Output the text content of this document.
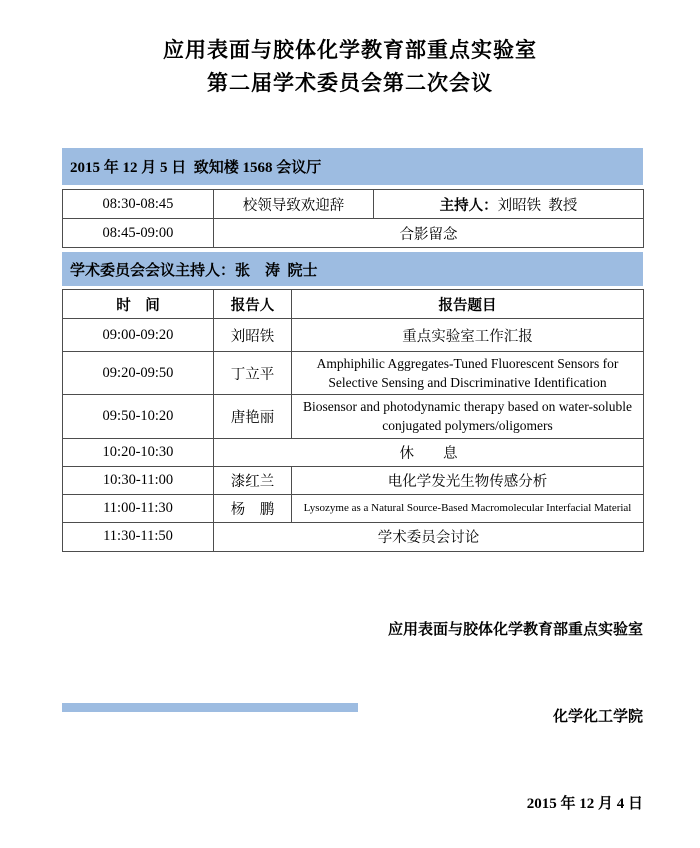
应用表面与胶体化学教育部重点实验室
第二届学术委员会第二次会议
2015 年 12 月 5 日  致知楼 1568 会议厅
08:30-08:45	校领导致欢迎辞	主持人：刘昭铁  教授
08:45-09:00	合影留念	
学术委员会会议主持人：张　涛  院士
时　间	报告人	报告题目
09:00-09:20	刘昭铁	重点实验室工作汇报
09:20-09:50	丁立平	Amphiphilic Aggregates-Tuned Fluorescent Sensors for Selective Sensing and Discriminative Identification
09:50-10:20	唐艳丽	Biosensor and photodynamic therapy based on water-soluble conjugated polymers/oligomers
10:20-10:30	休　　息	
10:30-11:00	漆红兰	电化学发光生物传感分析
11:00-11:30	杨　鹏	Lysozyme as a Natural Source-Based Macromolecular Interfacial Material
11:30-11:50	学术委员会讨论	

应用表面与胶体化学教育部重点实验室

化学化工学院

2015 年 12 月 4 日
